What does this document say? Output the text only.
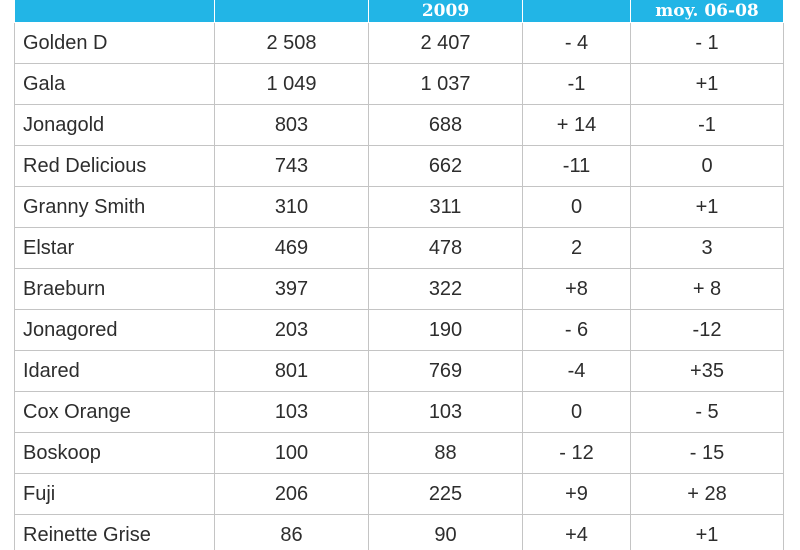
		2009		moy. 06-08
Golden D	2 508	2 407	- 4	- 1
Gala	1 049	1 037	-1	+1
Jonagold	803	688	+ 14	-1
Red Delicious	743	662	-11	0
Granny Smith	310	311	0	+1
Elstar	469	478	2	3
Braeburn	397	322	+8	+ 8
Jonagored	203	190	- 6	-12
Idared	801	769	-4	+35
Cox Orange	103	103	0	- 5
Boskoop	100	88	- 12	- 15
Fuji	206	225	+9	+ 28
Reinette Grise	86	90	+4	+1
